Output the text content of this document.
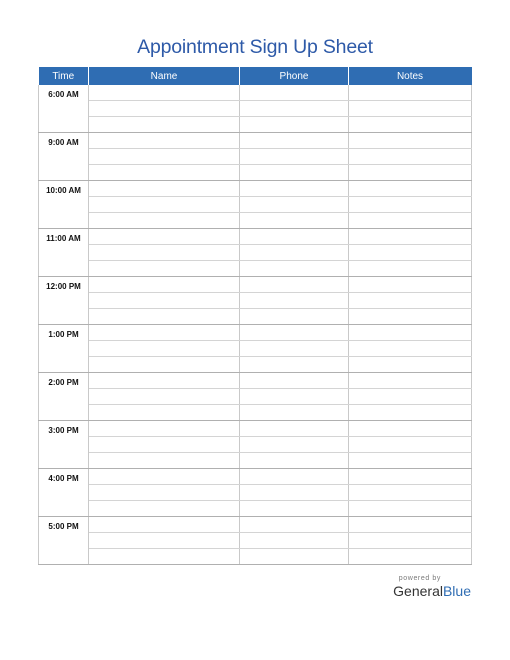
Appointment Sign Up Sheet
Time	Name	Phone	Notes
6:00 AM			

9:00 AM			

10:00 AM			

11:00 AM			

12:00 PM			

1:00 PM			

2:00 PM			

3:00 PM			

4:00 PM			

5:00 PM			

powered by
GeneralBlue
